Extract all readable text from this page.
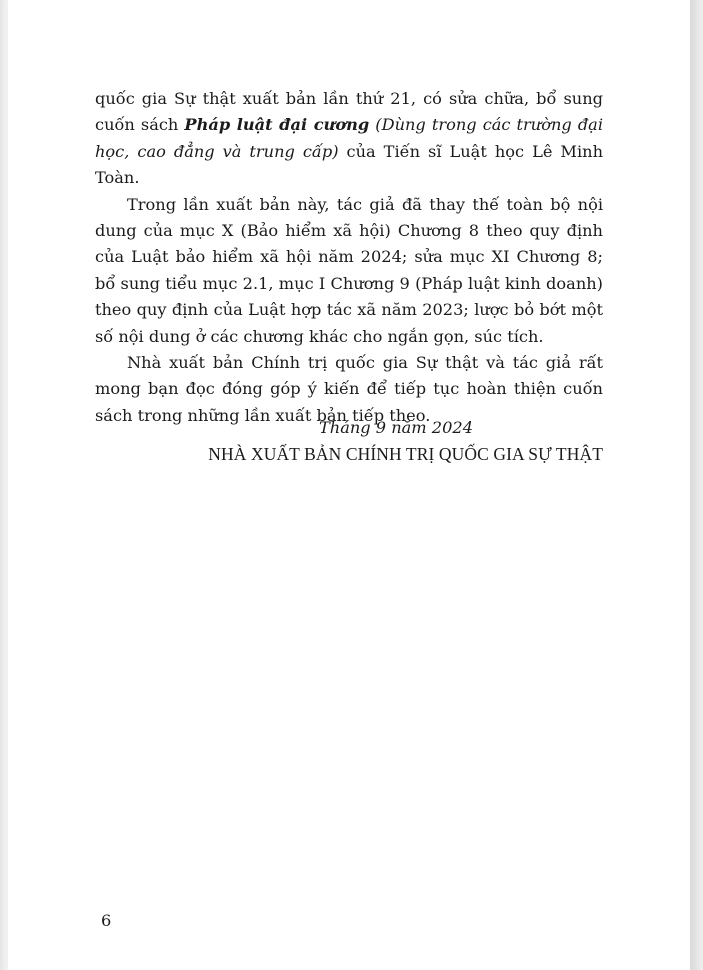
quốc gia Sự thật xuất bản lần thứ 21, có sửa chữa, bổ sung cuốn sách Pháp luật đại cương (Dùng trong các trường đại học, cao đẳng và trung cấp) của Tiến sĩ Luật học Lê Minh Toàn.

Trong lần xuất bản này, tác giả đã thay thế toàn bộ nội dung của mục X (Bảo hiểm xã hội) Chương 8 theo quy định của Luật bảo hiểm xã hội năm 2024; sửa mục XI Chương 8; bổ sung tiểu mục 2.1, mục I Chương 9 (Pháp luật kinh doanh) theo quy định của Luật hợp tác xã năm 2023; lược bỏ bớt một số nội dung ở các chương khác cho ngắn gọn, súc tích.

Nhà xuất bản Chính trị quốc gia Sự thật và tác giả rất mong bạn đọc đóng góp ý kiến để tiếp tục hoàn thiện cuốn sách trong những lần xuất bản tiếp theo.

Tháng 9 năm 2024
NHÀ XUẤT BẢN CHÍNH TRỊ QUỐC GIA SỰ THẬT
6
